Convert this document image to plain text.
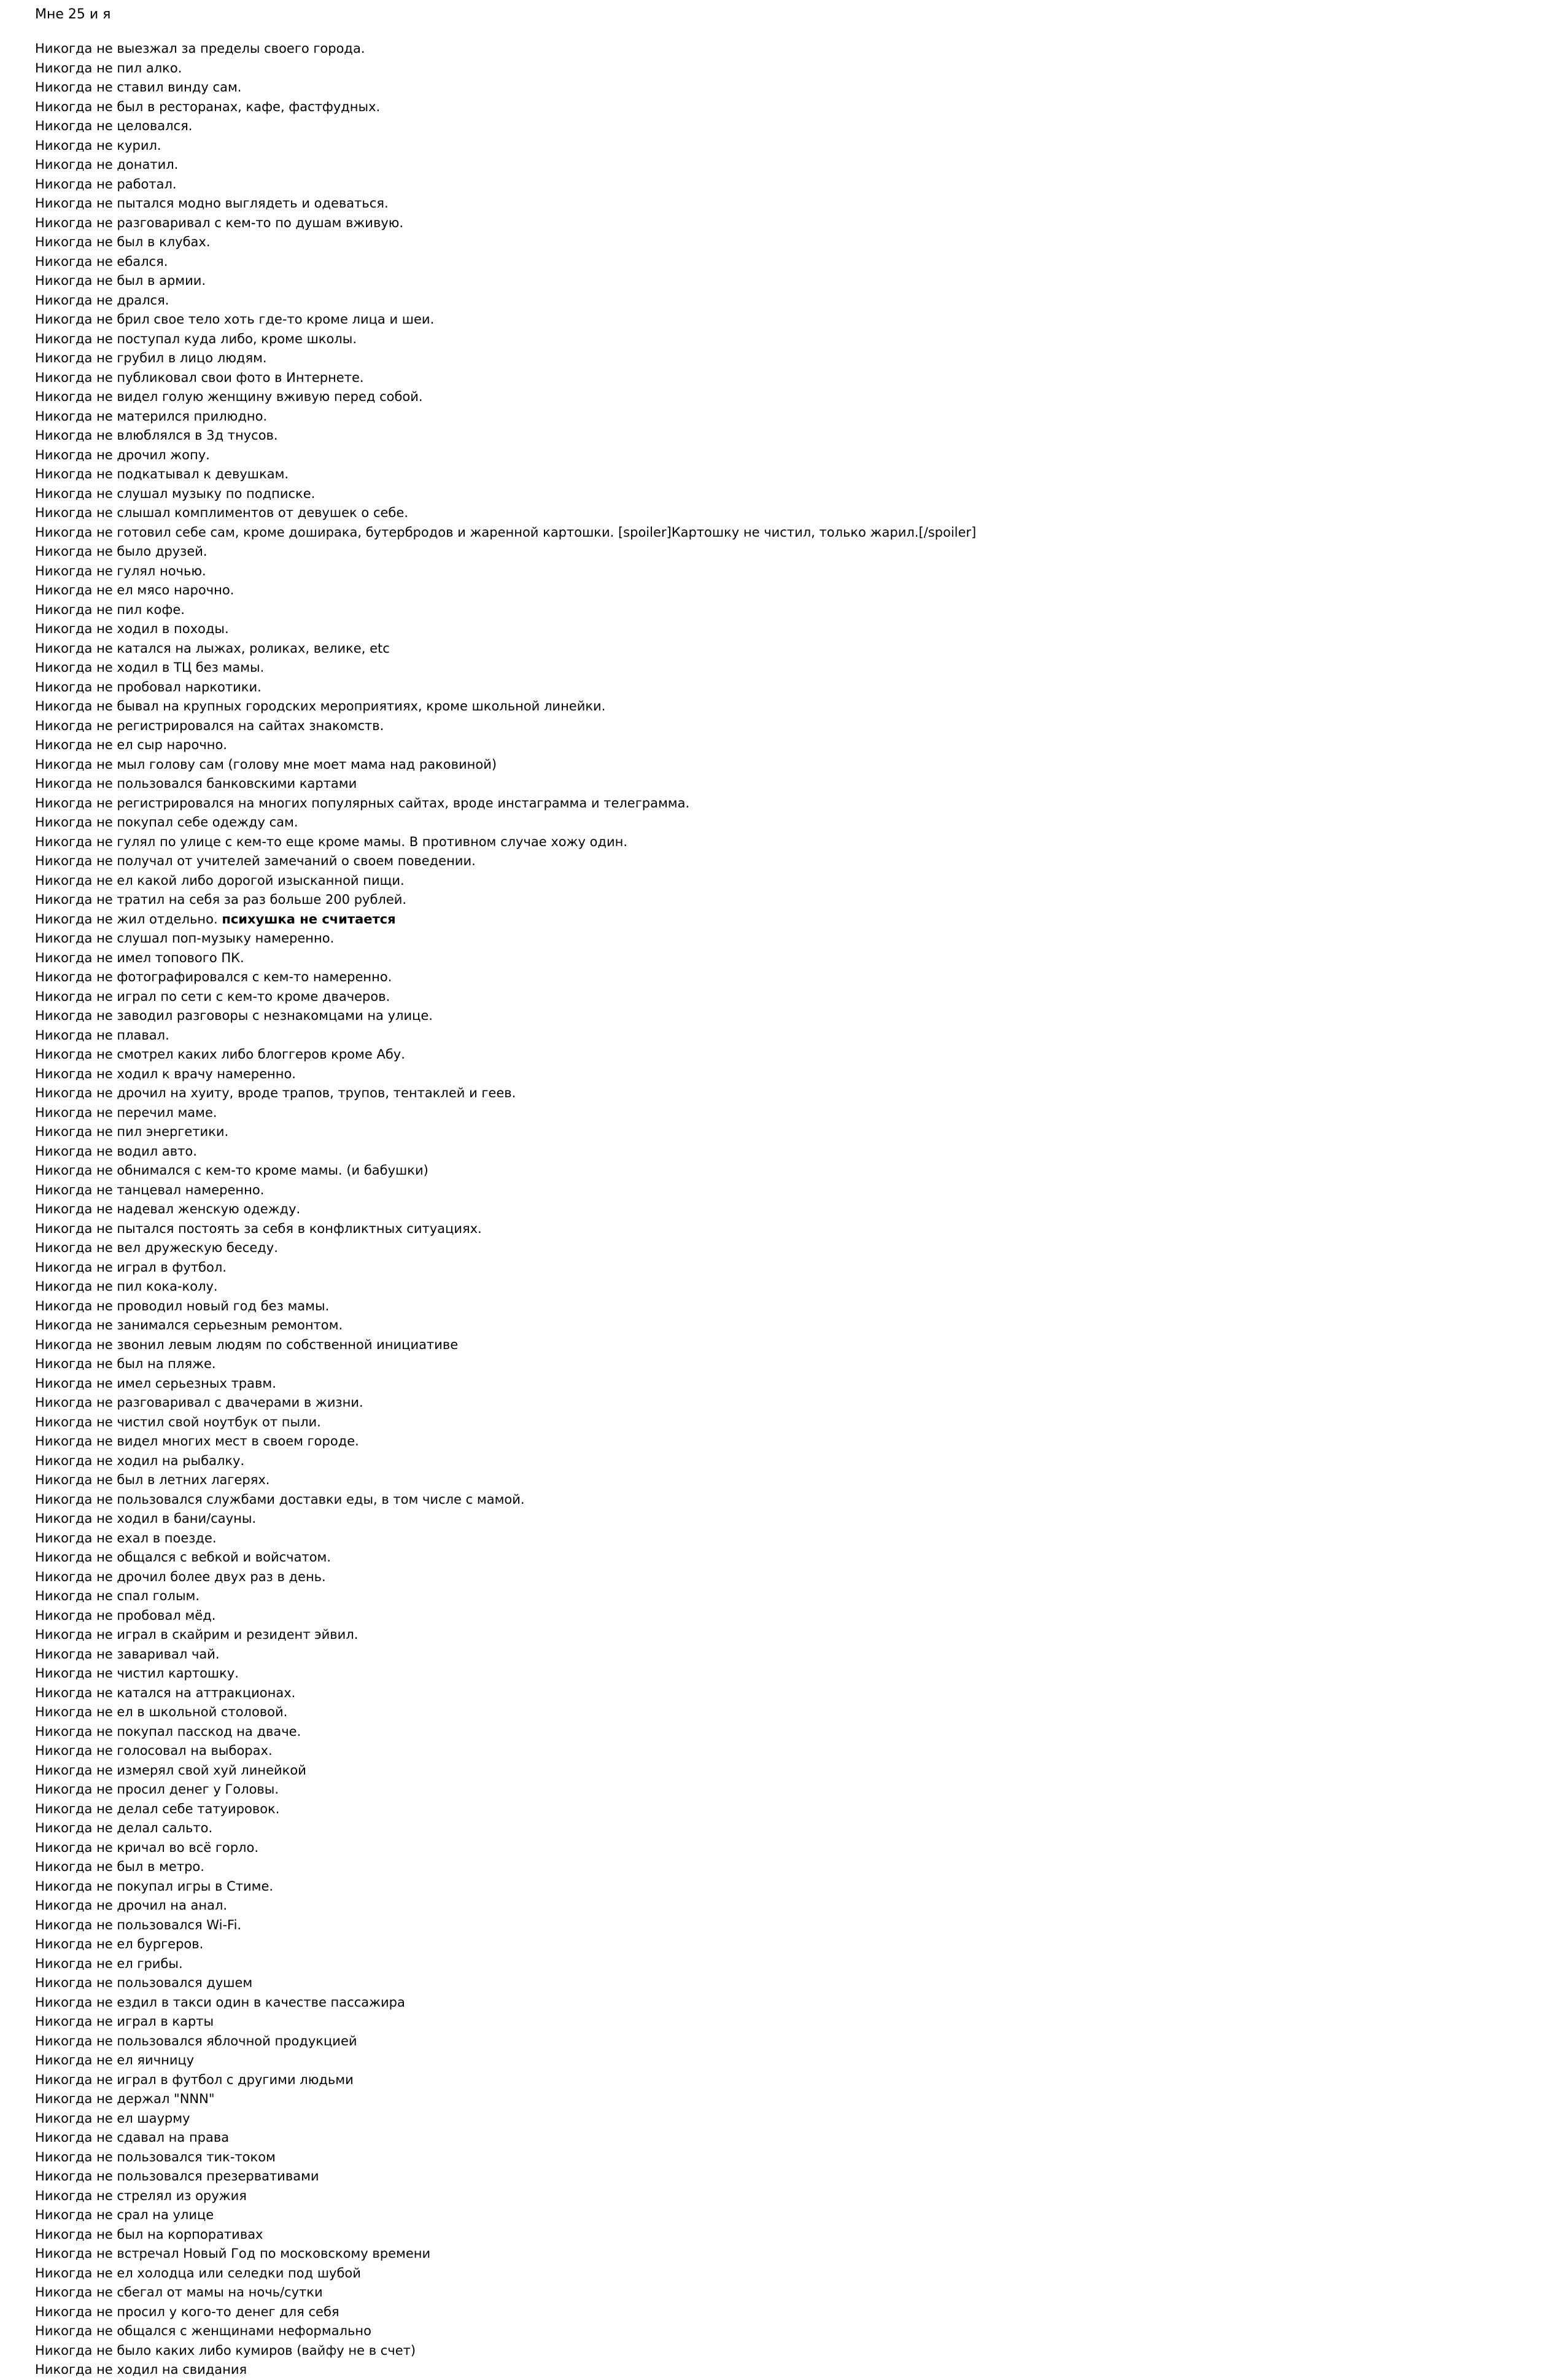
Мне 25 и я
Никогда не выезжал за пределы своего города.
Никогда не пил алко.
Никогда не ставил винду сам.
Никогда не был в ресторанах, кафе, фастфудных.
Никогда не целовался.
Никогда не курил.
Никогда не донатил.
Никогда не работал.
Никогда не пытался модно выглядеть и одеваться.
Никогда не разговаривал с кем-то по душам вживую.
Никогда не был в клубах.
Никогда не ебался.
Никогда не был в армии.
Никогда не дрался.
Никогда не брил свое тело хоть где-то кроме лица и шеи.
Никогда не поступал куда либо, кроме школы.
Никогда не грубил в лицо людям.
Никогда не публиковал свои фото в Интернете.
Никогда не видел голую женщину вживую перед собой.
Никогда не матерился прилюдно.
Никогда не влюблялся в 3д тнусов.
Никогда не дрочил жопу.
Никогда не подкатывал к девушкам.
Никогда не слушал музыку по подписке.
Никогда не слышал комплиментов от девушек о себе.
Никогда не готовил себе сам, кроме доширака, бутербродов и жаренной картошки. [spoiler]Картошку не чистил, только жарил.[/spoiler]
Никогда не было друзей.
Никогда не гулял ночью.
Никогда не ел мясо нарочно.
Никогда не пил кофе.
Никогда не ходил в походы.
Никогда не катался на лыжах, роликах, велике, etc
Никогда не ходил в ТЦ без мамы.
Никогда не пробовал наркотики.
Никогда не бывал на крупных городских мероприятиях, кроме школьной линейки.
Никогда не регистрировался на сайтах знакомств.
Никогда не ел сыр нарочно.
Никогда не мыл голову сам (голову мне моет мама над раковиной)
Никогда не пользовался банковскими картами
Никогда не регистрировался на многих популярных сайтах, вроде инстаграмма и телеграмма.
Никогда не покупал себе одежду сам.
Никогда не гулял по улице с кем-то еще кроме мамы. В противном случае хожу один.
Никогда не получал от учителей замечаний о своем поведении.
Никогда не ел какой либо дорогой изысканной пищи.
Никогда не тратил на себя за раз больше 200 рублей.
Никогда не жил отдельно. психушка не считается
Никогда не слушал поп-музыку намеренно.
Никогда не имел топового ПК.
Никогда не фотографировался с кем-то намеренно.
Никогда не играл по сети с кем-то кроме двачеров.
Никогда не заводил разговоры с незнакомцами на улице.
Никогда не плавал.
Никогда не смотрел каких либо блоггеров кроме Абу.
Никогда не ходил к врачу намеренно.
Никогда не дрочил на хуиту, вроде трапов, трупов, тентаклей и геев.
Никогда не перечил маме.
Никогда не пил энергетики.
Никогда не водил авто.
Никогда не обнимался с кем-то кроме мамы. (и бабушки)
Никогда не танцевал намеренно.
Никогда не надевал женскую одежду.
Никогда не пытался постоять за себя в конфликтных ситуациях.
Никогда не вел дружескую беседу.
Никогда не играл в футбол.
Никогда не пил кока-колу.
Никогда не проводил новый год без мамы.
Никогда не занимался серьезным ремонтом.
Никогда не звонил левым людям по собственной инициативе
Никогда не был на пляже.
Никогда не имел серьезных травм.
Никогда не разговаривал с двачерами в жизни.
Никогда не чистил свой ноутбук от пыли.
Никогда не видел многих мест в своем городе.
Никогда не ходил на рыбалку.
Никогда не был в летних лагерях.
Никогда не пользовался службами доставки еды, в том числе с мамой.
Никогда не ходил в бани/сауны.
Никогда не ехал в поезде.
Никогда не общался с вебкой и войсчатом.
Никогда не дрочил более двух раз в день.
Никогда не спал голым.
Никогда не пробовал мёд.
Никогда не играл в скайрим и резидент эйвил.
Никогда не заваривал чай.
Никогда не чистил картошку.
Никогда не катался на аттракционах.
Никогда не ел в школьной столовой.
Никогда не покупал пасскод на дваче.
Никогда не голосовал на выборах.
Никогда не измерял свой хуй линейкой
Никогда не просил денег у Головы.
Никогда не делал себе татуировок.
Никогда не делал сальто.
Никогда не кричал во всё горло.
Никогда не был в метро.
Никогда не покупал игры в Стиме.
Никогда не дрочил на анал.
Никогда не пользовался Wi-Fi.
Никогда не ел бургеров.
Никогда не ел грибы.
Никогда не пользовался душем
Никогда не ездил в такси один в качестве пассажира
Никогда не играл в карты
Никогда не пользовался яблочной продукцией
Никогда не ел яичницу
Никогда не играл в футбол с другими людьми
Никогда не держал "NNN"
Никогда не ел шаурму
Никогда не сдавал на права
Никогда не пользовался тик-током
Никогда не пользовался презервативами
Никогда не стрелял из оружия
Никогда не срал на улице
Никогда не был на корпоративах
Никогда не встречал Новый Год по московскому времени
Никогда не ел холодца или селедки под шубой
Никогда не сбегал от мамы на ночь/сутки
Никогда не просил у кого-то денег для себя
Никогда не общался с женщинами неформально
Никогда не было каких либо кумиров (вайфу не в счет)
Никогда не ходил на свидания
